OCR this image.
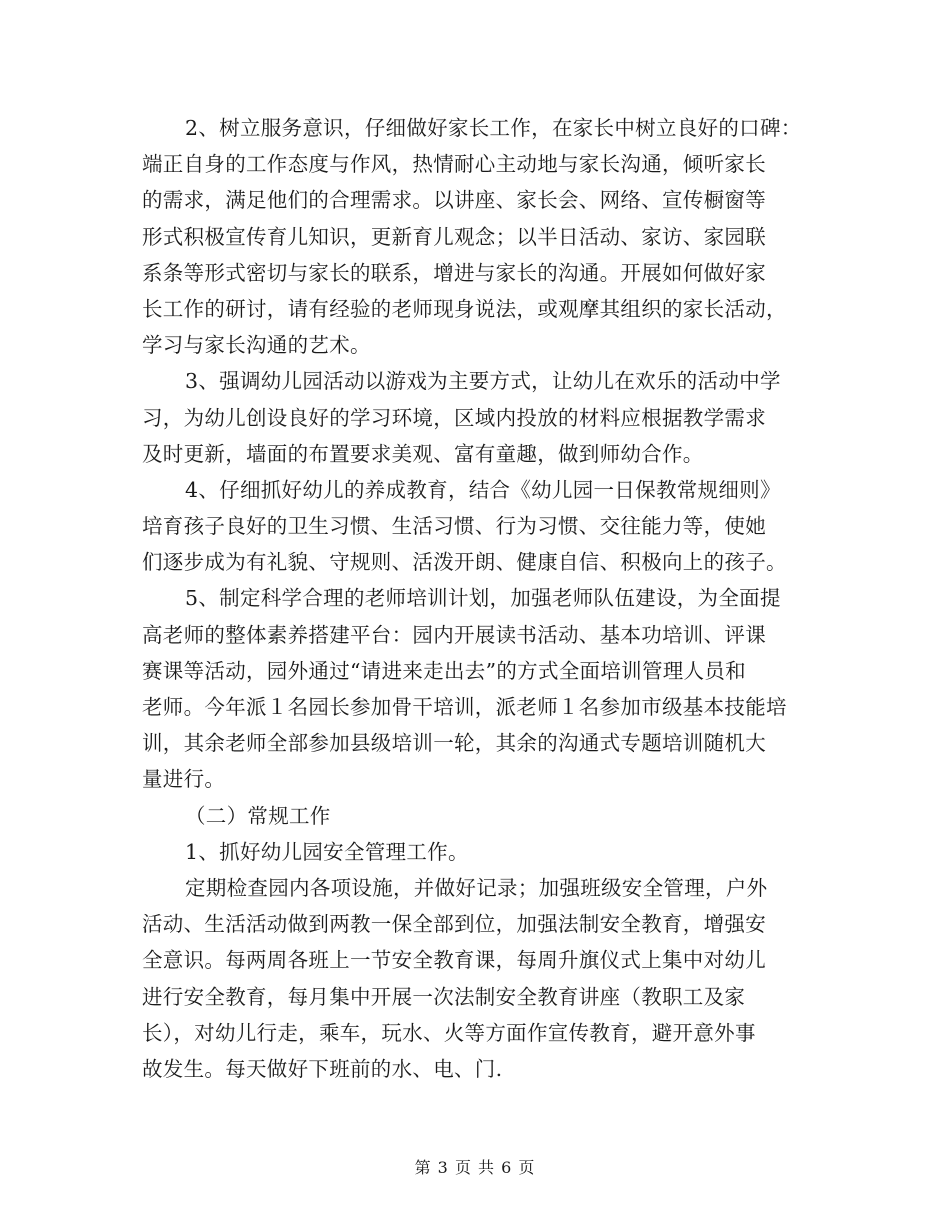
2、树立服务意识，仔细做好家长工作，在家长中树立良好的口碑：
端正自身的工作态度与作风，热情耐心主动地与家长沟通，倾听家长
的需求，满足他们的合理需求。以讲座、家长会、网络、宣传橱窗等
形式积极宣传育儿知识，更新育儿观念；以半日活动、家访、家园联
系条等形式密切与家长的联系，增进与家长的沟通。开展如何做好家
长工作的研讨，请有经验的老师现身说法，或观摩其组织的家长活动，
学习与家长沟通的艺术。
3、强调幼儿园活动以游戏为主要方式，让幼儿在欢乐的活动中学
习，为幼儿创设良好的学习环境，区域内投放的材料应根据教学需求
及时更新，墙面的布置要求美观、富有童趣，做到师幼合作。
4、仔细抓好幼儿的养成教育，结合《幼儿园一日保教常规细则》
培育孩子良好的卫生习惯、生活习惯、行为习惯、交往能力等，使她
们逐步成为有礼貌、守规则、活泼开朗、健康自信、积极向上的孩子。
5、制定科学合理的老师培训计划，加强老师队伍建设，为全面提
高老师的整体素养搭建平台：园内开展读书活动、基本功培训、评课
赛课等活动，园外通过“请进来走出去”的方式全面培训管理人员和
老师。今年派１名园长参加骨干培训，派老师１名参加市级基本技能培
训，其余老师全部参加县级培训一轮，其余的沟通式专题培训随机大
量进行。
（二）常规工作
1、抓好幼儿园安全管理工作。
定期检查园内各项设施，并做好记录；加强班级安全管理，户外
活动、生活活动做到两教一保全部到位，加强法制安全教育，增强安
全意识。每两周各班上一节安全教育课，每周升旗仪式上集中对幼儿
进行安全教育，每月集中开展一次法制安全教育讲座（教职工及家
长），对幼儿行走，乘车，玩水、火等方面作宣传教育，避开意外事
故发生。每天做好下班前的水、电、门.
第 3 页 共 6 页
